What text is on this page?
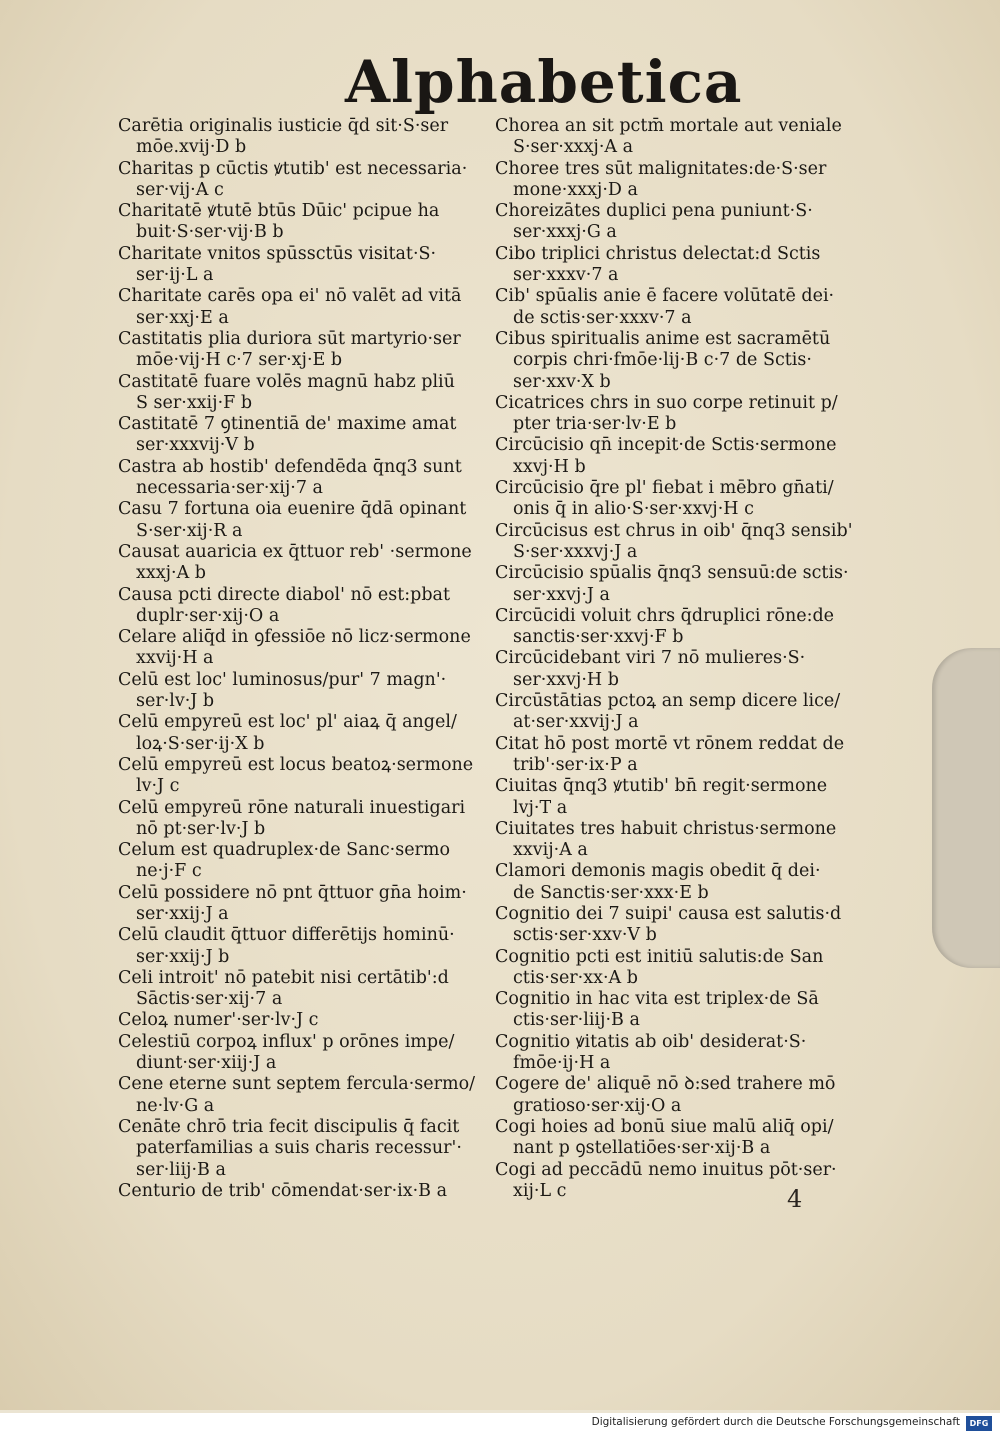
Alphabetica
Carētia originalis iusticie q̄d sit·S·ser
mōe.xvij·D b
Charitas p cūctis ꝟtutib' est necessaria·
ser·vij·A c
Charitatē ꝟtutē btūs Dūic' pcipue ha
buit·S·ser·vij·B b
Charitate vnitos spūssctūs visitat·S·
ser·ij·L a
Charitate carēs opa ei' nō valēt ad vitā
ser·xxj·E a
Castitatis plia duriora sūt martyrio·ser
mōe·vij·H c·7 ser·xj·E b
Castitatē fuare volēs magnū habz pliū
S ser·xxij·F b
Castitatē 7 ꝯtinentiā de' maxime amat
ser·xxxvij·V b
Castra ab hostib' defendēda q̄nq3 sunt
necessaria·ser·xij·7 a
Casu 7 fortuna oia euenire q̄dā opinant
S·ser·xij·R a
Causat auaricia ex q̄ttuor reb' ·sermone
xxxj·A b
Causa pcti directe diabol' nō est:pbat
duplr·ser·xij·O a
Celare aliq̄d in ꝯfessiōe nō licz·sermone
xxvij·H a
Celū est loc' luminosus/pur' 7 magn'·
ser·lv·J b
Celū empyreū est loc' pl' aiaꝝ q̄ angel/
loꝝ·S·ser·ij·X b
Celū empyreū est locus beatoꝝ·sermone
lv·J c
Celū empyreū rōne naturali inuestigari
nō pt·ser·lv·J b
Celum est quadruplex·de Sanc·sermo
ne·j·F c
Celū possidere nō pnt q̄ttuor gn̄a hoim·
ser·xxij·J a
Celū claudit q̄ttuor differētijs hominū·
ser·xxij·J b
Celi introit' nō patebit nisi certātib':d
Sāctis·ser·xij·7 a
Celoꝝ numer'·ser·lv·J c
Celestiū corpoꝝ influx' p orōnes impe/
diunt·ser·xiij·J a
Cene eterne sunt septem fercula·sermo/
ne·lv·G a
Cenāte chrō tria fecit discipulis q̄ facit
paterfamilias a suis charis recessur'·
ser·liij·B a
Centurio de trib' cōmendat·ser·ix·B a
Chorea an sit pctm̄ mortale aut veniale
S·ser·xxxj·A a
Choree tres sūt malignitates:de·S·ser
mone·xxxj·D a
Choreizātes duplici pena puniunt·S·
ser·xxxj·G a
Cibo triplici christus delectat:d Sctis
ser·xxxv·7 a
Cib' spūalis anie ē facere volūtatē dei·
de sctis·ser·xxxv·7 a
Cibus spiritualis anime est sacramētū
corpis chri·fmōe·lij·B c·7 de Sctis·
ser·xxv·X b
Cicatrices chrs in suo corpe retinuit p/
pter tria·ser·lv·E b
Circūcisio qn̄ incepit·de Sctis·sermone
xxvj·H b
Circūcisio q̄re pl' fiebat i mēbro gn̄ati/
onis q̄ in alio·S·ser·xxvj·H c
Circūcisus est chrus in oib' q̄nq3 sensib'
S·ser·xxxvj·J a
Circūcisio spūalis q̄nq3 sensuū:de sctis·
ser·xxvj·J a
Circūcidi voluit chrs q̄druplici rōne:de
sanctis·ser·xxvj·F b
Circūcidebant viri 7 nō mulieres·S·
ser·xxvj·H b
Circūstātias pctoꝝ an semp dicere lice/
at·ser·xxvij·J a
Citat hō post mortē vt rōnem reddat de
trib'·ser·ix·P a
Ciuitas q̄nq3 ꝟtutib' bn̄ regit·sermone
lvj·T a
Ciuitates tres habuit christus·sermone
xxvij·A a
Clamori demonis magis obedit q̄ dei·
de Sanctis·ser·xxx·E b
Cognitio dei 7 suipi' causa est salutis·d
sctis·ser·xxv·V b
Cognitio pcti est initiū salutis:de San
ctis·ser·xx·A b
Cognitio in hac vita est triplex·de Sā
ctis·ser·liij·B a
Cognitio ꝟitatis ab oib' desiderat·S·
fmōe·ij·H a
Cogere de' aliquē nō ꝺ:sed trahere mō
gratioso·ser·xij·O a
Cogi hoies ad bonū siue malū aliq̄ opi/
nant p ꝯstellatiōes·ser·xij·B a
Cogi ad peccādū nemo inuitus pōt·ser·
xij·L c	4
Digitalisierung gefördert durch die Deutsche Forschungsgemeinschaft	DFG
